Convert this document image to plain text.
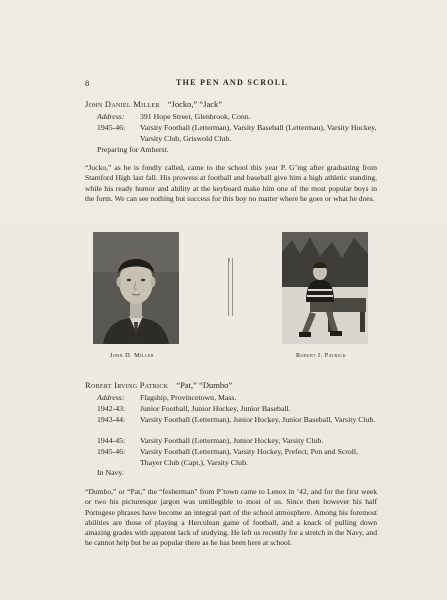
8	THE PEN AND SCROLL
John Daniel Miller “Jocko,” “Jack”
Address:	391 Hope Street, Glenbrook, Conn.
1945-46:	Varsity Football (Letterman), Varsity Baseball (Letterman), Varsity Hockey, Varsity Club, Griswold Club.
Preparing for Amherst.
“Jocko,” as he is fondly called, came to the school this year P. G’ing after graduating from Stamford High last fall. His prowess at football and baseball give him a high athletic standing, while his ready humor and ability at the keyboard make him one of the most popular boys in the form. We can see nothing but success for this boy no matter where he goes or what he does.
John D. Miller	Robert I. Patrick
Robert Irving Patrick “Pat,” “Dumbo”
Address:	Flagship, Provincetown, Mass.
1942-43:	Junior Football, Junior Hockey, Junior Baseball.
1943-44:	Varsity Football (Letterman), Junior Hockey, Junior Baseball, Varsity Club.
1944-45:	Varsity Football (Letterman), Junior Hockey, Varsity Club.
1945-46:	Varsity Football (Letterman), Varsity Hockey, Prefect, Pen and Scroll, Thayer Club (Capt.), Varsity Club.
In Navy.
“Dumbo,” or “Pat,” the “fesherman” from P’town came to Lenox in ’42, and for the first week or two his picturesque jargon was untillegible to most of us. Since then however his half Portugese phrases have become an integral part of the school atmosphere. Among his foremost abilities are those of playing a Herculean game of football, and a knack of pulling down amazing grades with apparent lack of studying. He left us recently for a stretch in the Navy, and he cannot help but be as popular there as he has been here at school.
